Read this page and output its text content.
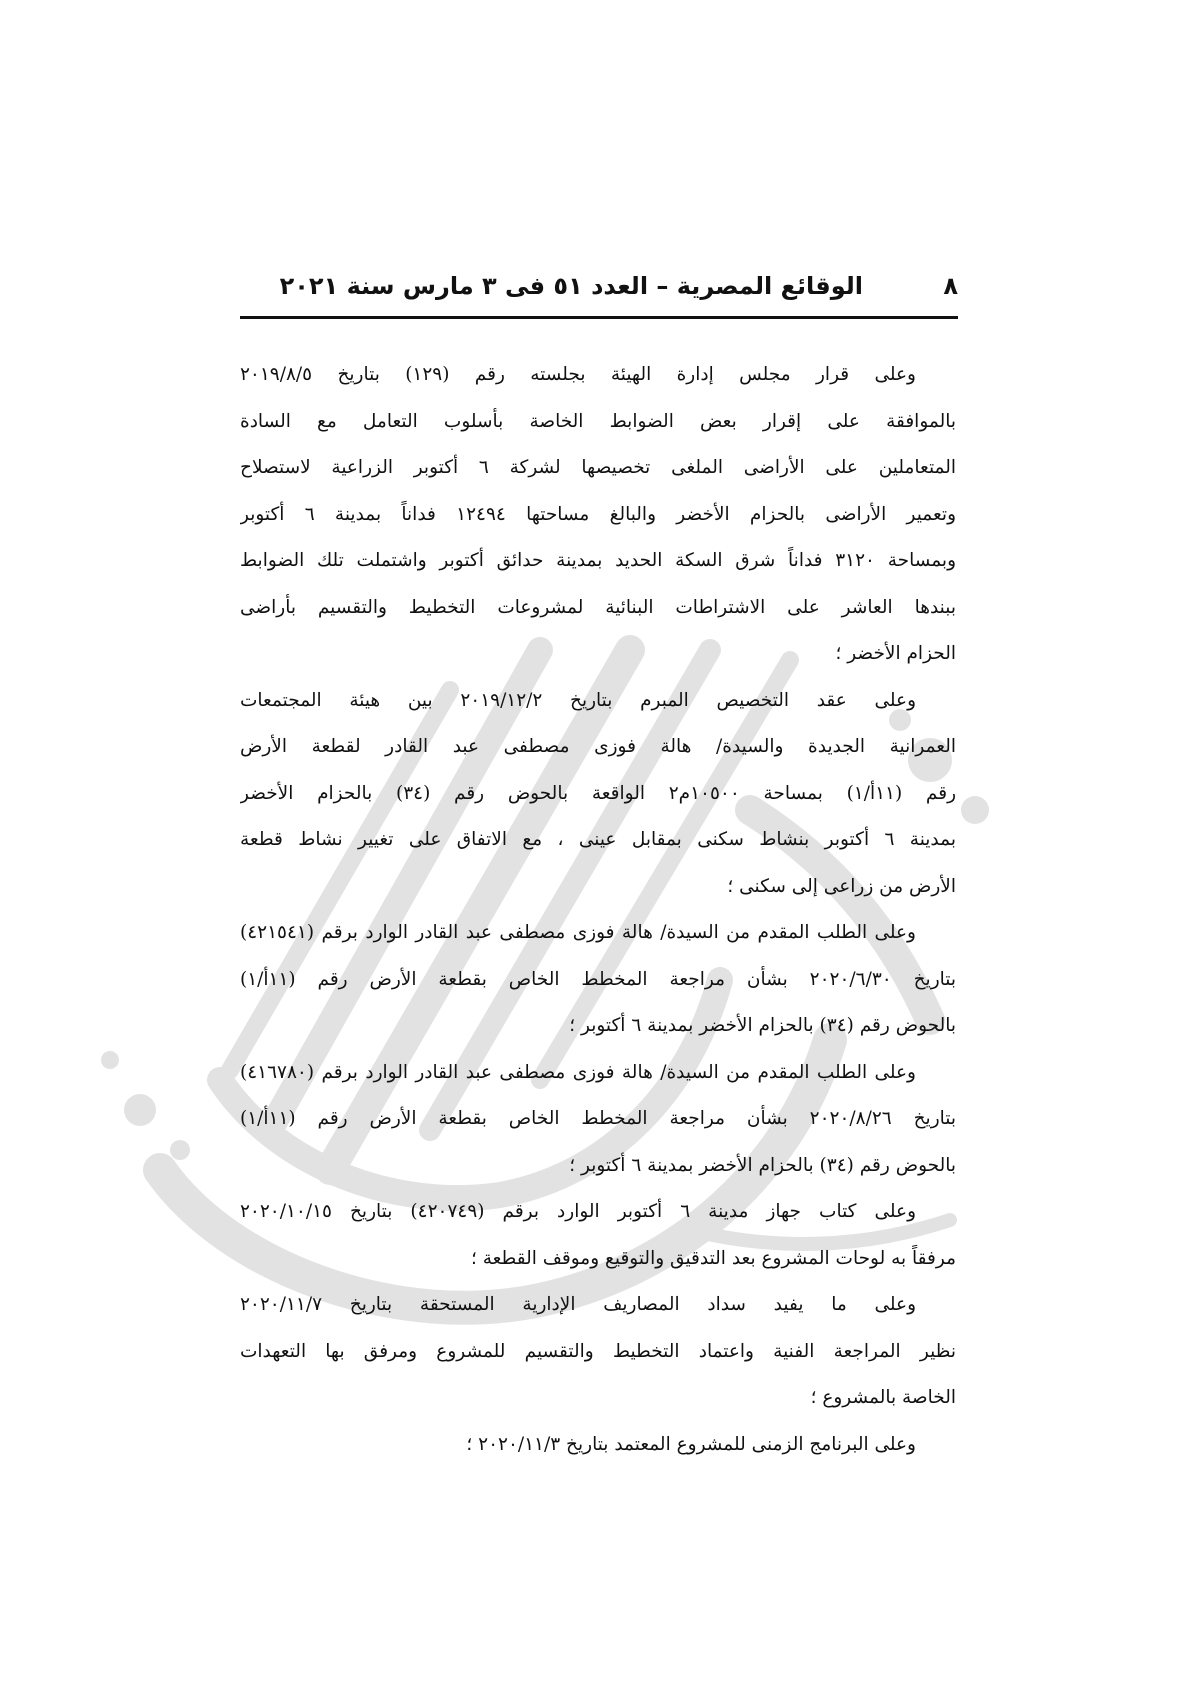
٨
الوقائع المصرية – العدد ٥١ فى ٣ مارس سنة ٢٠٢١

وعلى قرار مجلس إدارة الهيئة بجلسته رقم (١٢٩) بتاريخ ٢٠١٩/٨/٥
بالموافقة على إقرار بعض الضوابط الخاصة بأسلوب التعامل مع السادة
المتعاملين على الأراضى الملغى تخصيصها لشركة ٦ أكتوبر الزراعية لاستصلاح
وتعمير الأراضى بالحزام الأخضر والبالغ مساحتها ١٢٤٩٤ فداناً بمدينة ٦ أكتوبر
وبمساحة ٣١٢٠ فداناً شرق السكة الحديد بمدينة حدائق أكتوبر واشتملت تلك الضوابط
ببندها العاشر على الاشتراطات البنائية لمشروعات التخطيط والتقسيم بأراضى
الحزام الأخضر ؛

وعلى عقد التخصيص المبرم بتاريخ ٢٠١٩/١٢/٢ بين هيئة المجتمعات
العمرانية الجديدة والسيدة/ هالة فوزى مصطفى عبد القادر لقطعة الأرض
رقم (١١أ/١) بمساحة ١٠٥٠٠م٢ الواقعة بالحوض رقم (٣٤) بالحزام الأخضر
بمدينة ٦ أكتوبر بنشاط سكنى بمقابل عينى ، مع الاتفاق على تغيير نشاط قطعة
الأرض من زراعى إلى سكنى ؛

وعلى الطلب المقدم من السيدة/ هالة فوزى مصطفى عبد القادر الوارد برقم (٤٢١٥٤١)
بتاريخ ٢٠٢٠/٦/٣٠ بشأن مراجعة المخطط الخاص بقطعة الأرض رقم (١١أ/١)
بالحوض رقم (٣٤) بالحزام الأخضر بمدينة ٦ أكتوبر ؛

وعلى الطلب المقدم من السيدة/ هالة فوزى مصطفى عبد القادر الوارد برقم (٤١٦٧٨٠)
بتاريخ ٢٠٢٠/٨/٢٦ بشأن مراجعة المخطط الخاص بقطعة الأرض رقم (١١أ/١)
بالحوض رقم (٣٤) بالحزام الأخضر بمدينة ٦ أكتوبر ؛

وعلى كتاب جهاز مدينة ٦ أكتوبر الوارد برقم (٤٢٠٧٤٩) بتاريخ ٢٠٢٠/١٠/١٥
مرفقاً به لوحات المشروع بعد التدقيق والتوقيع وموقف القطعة ؛

وعلى ما يفيد سداد المصاريف الإدارية المستحقة بتاريخ ٢٠٢٠/١١/٧
نظير المراجعة الفنية واعتماد التخطيط والتقسيم للمشروع ومرفق بها التعهدات
الخاصة بالمشروع ؛

وعلى البرنامج الزمنى للمشروع المعتمد بتاريخ ٢٠٢٠/١١/٣ ؛
